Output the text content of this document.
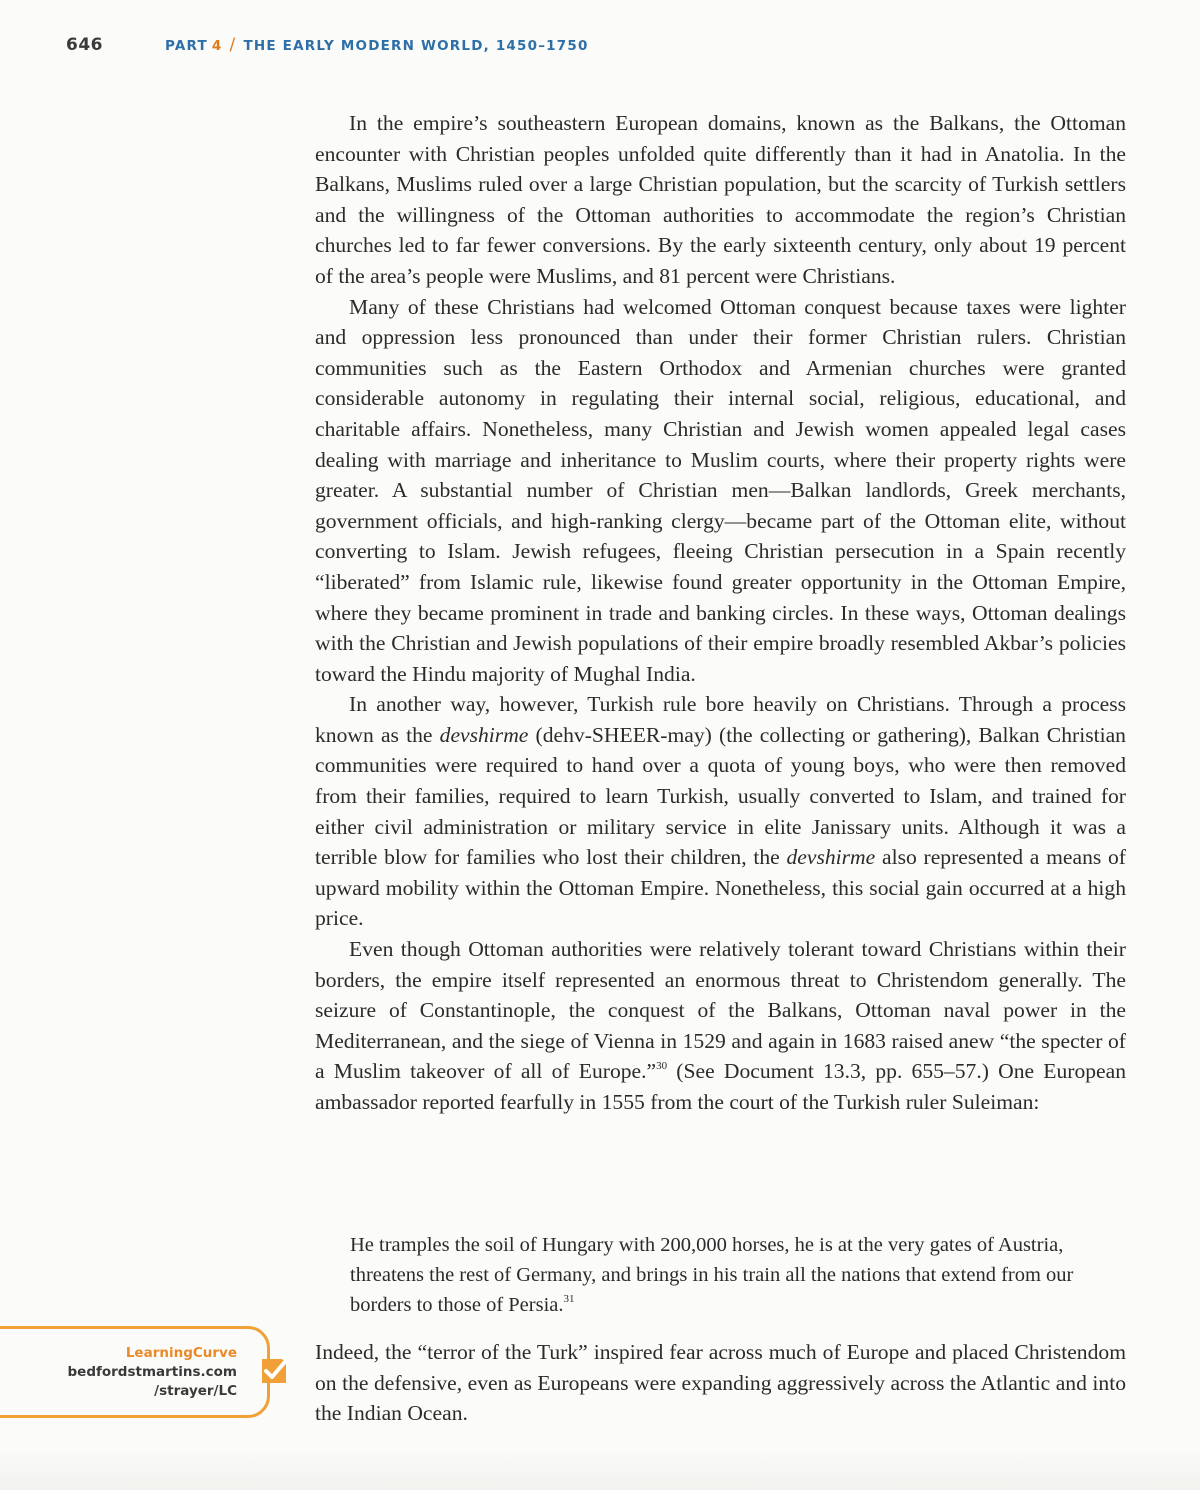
646	PART 4 / THE EARLY MODERN WORLD, 1450–1750

In the empire’s southeastern European domains, known as the Balkans, the Ottoman encounter with Christian peoples unfolded quite differently than it had in Anatolia. In the Balkans, Muslims ruled over a large Christian population, but the scarcity of Turkish settlers and the willingness of the Ottoman authorities to accommodate the region’s Christian churches led to far fewer conversions. By the early sixteenth century, only about 19 percent of the area’s people were Muslims, and 81 percent were Christians.

Many of these Christians had welcomed Ottoman conquest because taxes were lighter and oppression less pronounced than under their former Christian rulers. Christian communities such as the Eastern Orthodox and Armenian churches were granted considerable autonomy in regulating their internal social, religious, educational, and charitable affairs. Nonetheless, many Christian and Jewish women appealed legal cases dealing with marriage and inheritance to Muslim courts, where their property rights were greater. A substantial number of Christian men—Balkan landlords, Greek merchants, government officials, and high-ranking clergy—became part of the Ottoman elite, without converting to Islam. Jewish refugees, fleeing Christian persecution in a Spain recently “liberated” from Islamic rule, likewise found greater opportunity in the Ottoman Empire, where they became prominent in trade and banking circles. In these ways, Ottoman dealings with the Christian and Jewish populations of their empire broadly resembled Akbar’s policies toward the Hindu majority of Mughal India.

In another way, however, Turkish rule bore heavily on Christians. Through a process known as the devshirme (dehv-SHEER-may) (the collecting or gathering), Balkan Christian communities were required to hand over a quota of young boys, who were then removed from their families, required to learn Turkish, usually converted to Islam, and trained for either civil administration or military service in elite Janissary units. Although it was a terrible blow for families who lost their children, the devshirme also represented a means of upward mobility within the Ottoman Empire. Nonetheless, this social gain occurred at a high price.

Even though Ottoman authorities were relatively tolerant toward Christians within their borders, the empire itself represented an enormous threat to Christendom generally. The seizure of Constantinople, the conquest of the Balkans, Ottoman naval power in the Mediterranean, and the siege of Vienna in 1529 and again in 1683 raised anew “the specter of a Muslim takeover of all of Europe.”$^{30}$ (See Document 13.3, pp. 655–57.) One European ambassador reported fearfully in 1555 from the court of the Turkish ruler Suleiman:

He tramples the soil of Hungary with 200,000 horses, he is at the very gates of Austria, threatens the rest of Germany, and brings in his train all the nations that extend from our borders to those of Persia.$^{31}$

Indeed, the “terror of the Turk” inspired fear across much of Europe and placed Christendom on the defensive, even as Europeans were expanding aggressively across the Atlantic and into the Indian Ocean.

LearningCurve
bedfordstmartins.com
/strayer/LC
